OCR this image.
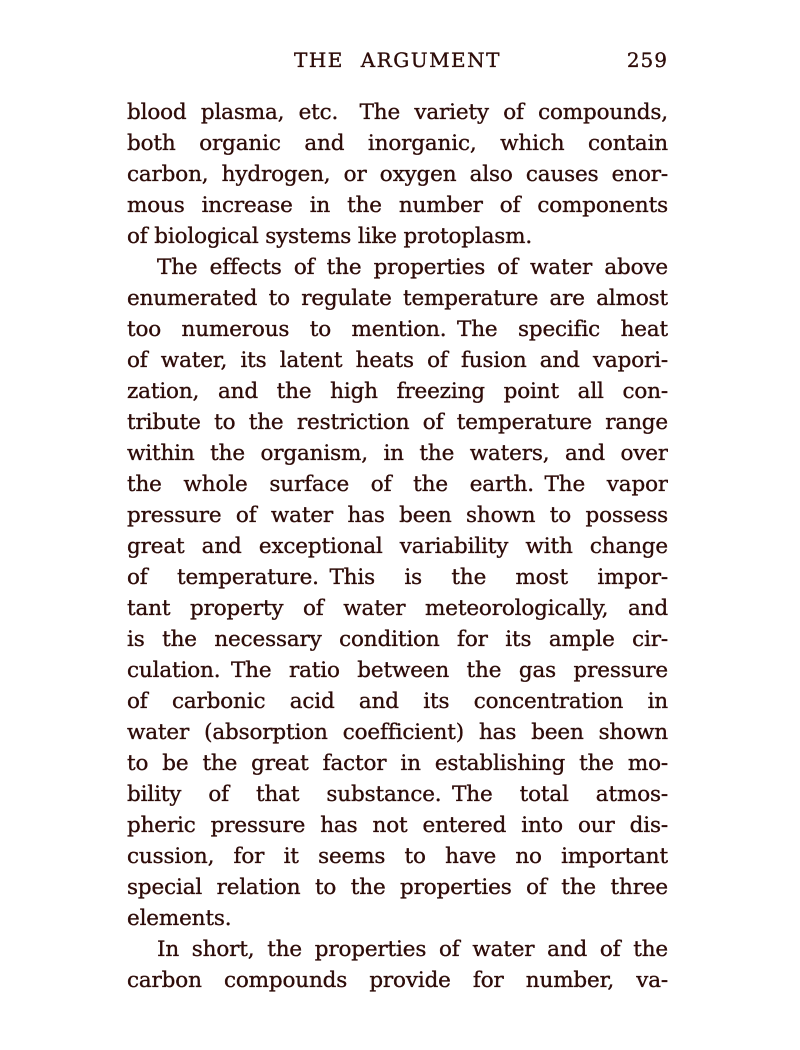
THE ARGUMENT	259
blood plasma, etc. The variety of compounds,
both organic and inorganic, which contain
carbon, hydrogen, or oxygen also causes enor-
mous increase in the number of components
of biological systems like protoplasm.
The effects of the properties of water above
enumerated to regulate temperature are almost
too numerous to mention. The specific heat
of water, its latent heats of fusion and vapori-
zation, and the high freezing point all con-
tribute to the restriction of temperature range
within the organism, in the waters, and over
the whole surface of the earth. The vapor
pressure of water has been shown to possess
great and exceptional variability with change
of temperature. This is the most impor-
tant property of water meteorologically, and
is the necessary condition for its ample cir-
culation. The ratio between the gas pressure
of carbonic acid and its concentration in
water (absorption coefficient) has been shown
to be the great factor in establishing the mo-
bility of that substance. The total atmos-
pheric pressure has not entered into our dis-
cussion, for it seems to have no important
special relation to the properties of the three
elements.
In short, the properties of water and of the
carbon compounds provide for number, va-
